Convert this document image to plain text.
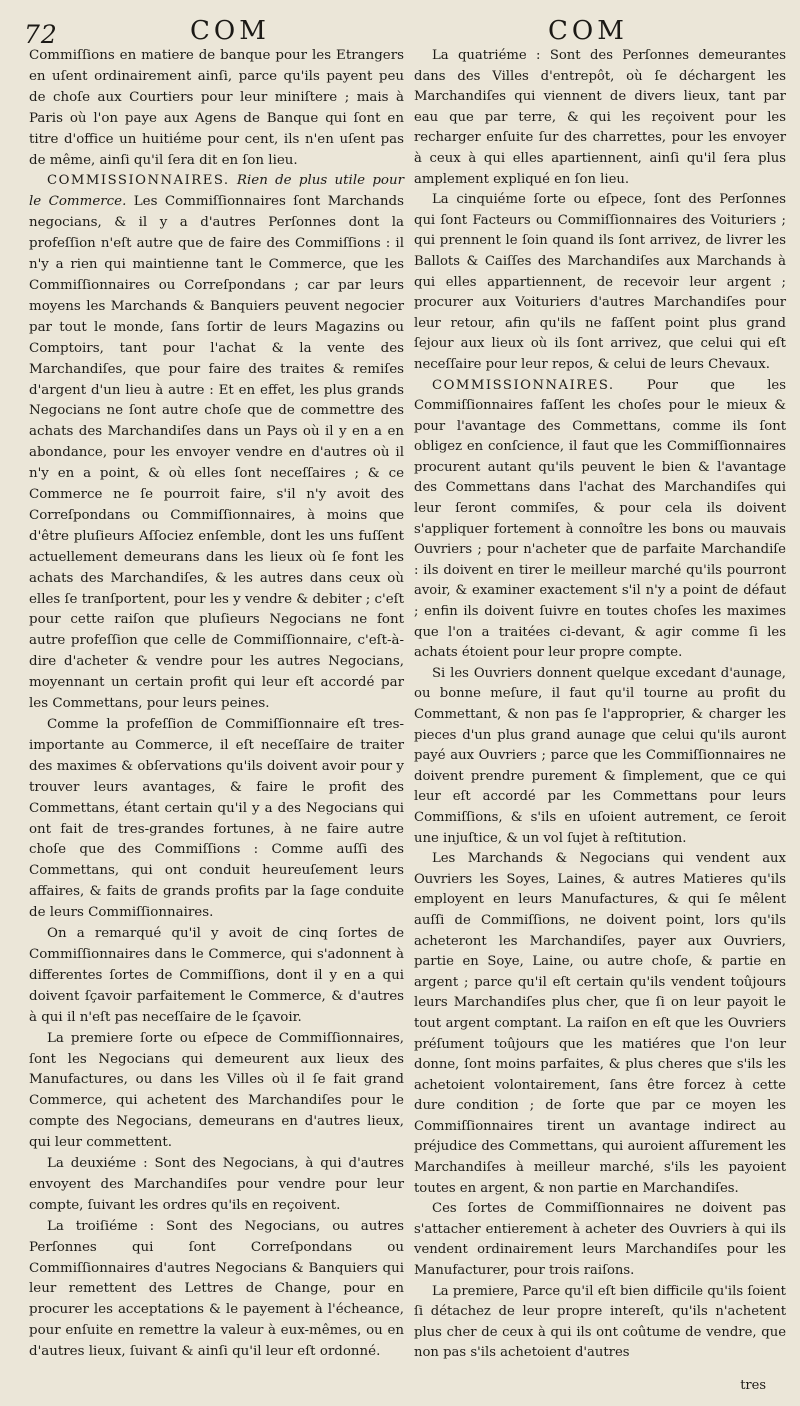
72	COM	COM

Commiſſions en matiere de banque pour les Etrangers en uſent ordinairement ainſi, parce qu'ils payent peu de choſe aux Courtiers pour leur miniſtere ; mais à Paris où l'on paye aux Agens de Banque qui ſont en titre d'office un huitiéme pour cent, ils n'en uſent pas de même, ainſi qu'il ſera dit en ſon lieu.

COMMISSIONNAIRES. Rien de plus utile pour le Commerce. Les Commiſſionnaires ſont Marchands negocians, & il y a d'autres Perſonnes dont la profeſſion n'eſt autre que de faire des Commiſſions : il n'y a rien qui maintienne tant le Commerce, que les Commiſſionnaires ou Correſpondans ; car par leurs moyens les Marchands & Banquiers peuvent negocier par tout le monde, ſans ſortir de leurs Magazins ou Comptoirs, tant pour l'achat & la vente des Marchandiſes, que pour faire des traites & remiſes d'argent d'un lieu à autre : Et en effet, les plus grands Negocians ne ſont autre choſe que de commettre des achats des Marchandiſes dans un Pays où il y en a en abondance, pour les envoyer vendre en d'autres où il n'y en a point, & où elles ſont neceſſaires ; & ce Commerce ne ſe pourroit faire, s'il n'y avoit des Correſpondans ou Commiſſionnaires, à moins que d'être pluſieurs Aſſociez enſemble, dont les uns fuſſent actuellement demeurans dans les lieux où ſe font les achats des Marchandiſes, & les autres dans ceux où elles ſe tranſportent, pour les y vendre & debiter ; c'eſt pour cette raiſon que pluſieurs Negocians ne font autre profeſſion que celle de Commiſſionnaire, c'eſt-à-dire d'acheter & vendre pour les autres Negocians, moyennant un certain profit qui leur eſt accordé par les Commettans, pour leurs peines.

Comme la profeſſion de Commiſſionnaire eſt tres-importante au Commerce, il eſt neceſſaire de traiter des maximes & obſervations qu'ils doivent avoir pour y trouver leurs avantages, & faire le profit des Commettans, étant certain qu'il y a des Negocians qui ont fait de tres-grandes fortunes, à ne faire autre choſe que des Commiſſions : Comme auſſi des Commettans, qui ont conduit heureuſement leurs affaires, & faits de grands profits par la ſage conduite de leurs Commiſſionnaires.

On a remarqué qu'il y avoit de cinq ſortes de Commiſſionnaires dans le Commerce, qui s'adonnent à differentes ſortes de Commiſſions, dont il y en a qui doivent ſçavoir parfaitement le Commerce, & d'autres à qui il n'eſt pas neceſſaire de le ſçavoir.

La premiere ſorte ou eſpece de Commiſſionnaires, ſont les Negocians qui demeurent aux lieux des Manufactures, ou dans les Villes où il ſe fait grand Commerce, qui achetent des Marchandiſes pour le compte des Negocians, demeurans en d'autres lieux, qui leur commettent.

La deuxiéme : Sont des Negocians, à qui d'autres envoyent des Marchandiſes pour vendre pour leur compte, ſuivant les ordres qu'ils en reçoivent.

La troiſiéme : Sont des Negocians, ou autres Perſonnes qui ſont Correſpondans ou Commiſſionnaires d'autres Negocians & Banquiers qui leur remettent des Lettres de Change, pour en procurer les acceptations & le payement à l'écheance, pour enſuite en remettre la valeur à eux-mêmes, ou en d'autres lieux, ſuivant & ainſi qu'il leur eſt ordonné.

La quatriéme : Sont des Perſonnes demeurantes dans des Villes d'entrepôt, où ſe déchargent les Marchandiſes qui viennent de divers lieux, tant par eau que par terre, & qui les reçoivent pour les recharger enſuite ſur des charrettes, pour les envoyer à ceux à qui elles apartiennent, ainſi qu'il ſera plus amplement expliqué en ſon lieu.

La cinquiéme ſorte ou eſpece, ſont des Perſonnes qui ſont Facteurs ou Commiſſionnaires des Voituriers ; qui prennent le ſoin quand ils ſont arrivez, de livrer les Ballots & Caiſſes des Marchandiſes aux Marchands à qui elles appartiennent, de recevoir leur argent ; procurer aux Voituriers d'autres Marchandiſes pour leur retour, afin qu'ils ne faſſent point plus grand ſejour aux lieux où ils ſont arrivez, que celui qui eſt neceſſaire pour leur repos, & celui de leurs Chevaux.

COMMISSIONNAIRES. Pour que les Commiſſionnaires faſſent les choſes pour le mieux & pour l'avantage des Commettans, comme ils ſont obligez en conſcience, il faut que les Commiſſionnaires procurent autant qu'ils peuvent le bien & l'avantage des Commettans dans l'achat des Marchandiſes qui leur ſeront commiſes, & pour cela ils doivent s'appliquer fortement à connoître les bons ou mauvais Ouvriers ; pour n'acheter que de parfaite Marchandiſe : ils doivent en tirer le meilleur marché qu'ils pourront avoir, & examiner exactement s'il n'y a point de défaut ; enfin ils doivent ſuivre en toutes choſes les maximes que l'on a traitées ci-devant, & agir comme ſi les achats étoient pour leur propre compte.

Si les Ouvriers donnent quelque excedant d'aunage, ou bonne meſure, il faut qu'il tourne au profit du Commettant, & non pas ſe l'approprier, & charger les pieces d'un plus grand aunage que celui qu'ils auront payé aux Ouvriers ; parce que les Commiſſionnaires ne doivent prendre purement & ſimplement, que ce qui leur eſt accordé par les Commettans pour leurs Commiſſions, & s'ils en uſoient autrement, ce ſeroit une injuſtice, & un vol ſujet à reſtitution.

Les Marchands & Negocians qui vendent aux Ouvriers les Soyes, Laines, & autres Matieres qu'ils employent en leurs Manufactures, & qui ſe mêlent auſſi de Commiſſions, ne doivent point, lors qu'ils acheteront les Marchandiſes, payer aux Ouvriers, partie en Soye, Laine, ou autre choſe, & partie en argent ; parce qu'il eſt certain qu'ils vendent toûjours leurs Marchandiſes plus cher, que ſi on leur payoit le tout argent comptant. La raiſon en eſt que les Ouvriers préſument toûjours que les matiéres que l'on leur donne, ſont moins parfaites, & plus cheres que s'ils les achetoient volontairement, ſans être forcez à cette dure condition ; de ſorte que par ce moyen les Commiſſionnaires tirent un avantage indirect au préjudice des Commettans, qui auroient aſſurement les Marchandiſes à meilleur marché, s'ils les payoient toutes en argent, & non partie en Marchandiſes.

Ces ſortes de Commiſſionnaires ne doivent pas s'attacher entierement à acheter des Ouvriers à qui ils vendent ordinairement leurs Marchandiſes pour les Manufacturer, pour trois raiſons.

La premiere, Parce qu'il eſt bien difficile qu'ils ſoient ſi détachez de leur propre intereſt, qu'ils n'achetent plus cher de ceux à qui ils ont coûtume de vendre, que non pas s'ils achetoient d'autres

tres
